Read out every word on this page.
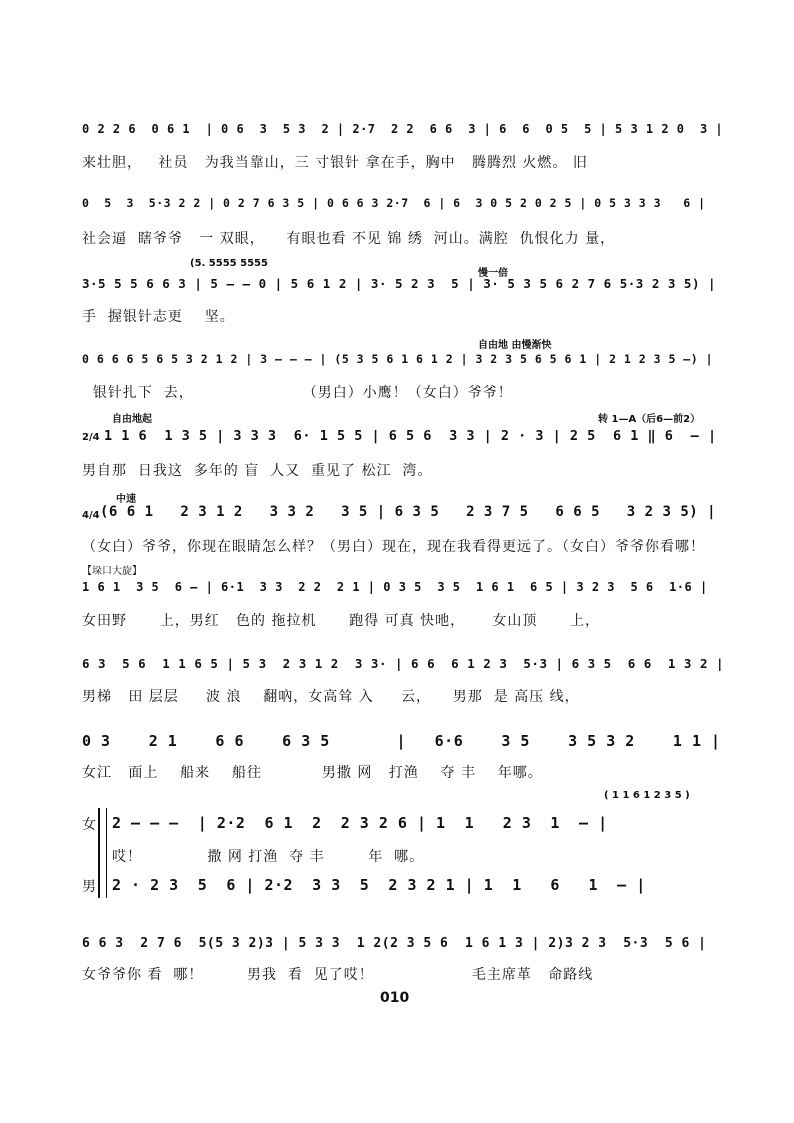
0 2 2 6  0 6 1  | 0 6  3  5 3  2 | 2·7  2 2  6 6  3 | 6  6  0 5  5 | 5 3 1 2 0  3 |
来壮胆，   社员   为我当靠山，三 寸银针 拿在手，胸中   腾腾烈 火燃。 旧
0  5  3  5·3 2 2 | 0 2 7 6 3 5 | 0 6 6 3 2·7  6 | 6  3 0 5 2 0 2 5 | 0 5 3 3 3   6 |
社会逼  瞎爷爷   一 双眼，    有眼也看 不见 锦 绣  河山。满腔  仇恨化力 量，
(5. 5555 5555
慢一倍
3·5 5 5 6 6 3 | 5 — — 0 | 5 6 1 2 | 3· 5 2 3  5 | 3· 5 3 5 6 2 7 6 5·3 2 3 5) |
手  握银针志更    坚。
自由地 由慢渐快
0 6 6 6 5 6 5 3 2 1 2 | 3 — — — | (5 3 5 6 1 6 1 2 | 3 2 3 5 6 5 6 1 | 2 1 2 3 5 —) |
银针扎下  去，                    （男白）小鹰！（女白）爷爷！
自由地起	转 1—A（后6—前2）
2/4 1 1 6  1 3 5 | 3 3 3  6· 1 5 5 | 6 5 6  3 3 | 2 · 3 | 2 5  6 1 ‖ 6  — |
男自那  日我这  多年的 盲  人又  重见了 松江  湾。
中速
4/4 (6 6 1   2 3 1 2   3 3 2   3 5 | 6 3 5   2 3 7 5   6 6 5   3 2 3 5) |
（女白）爷爷，你现在眼睛怎么样？（男白）现在，现在我看得更远了。（女白）爷爷你看哪！
【垛口大旋】
1 6 1  3 5  6 — | 6·1  3 3  2 2  2 1 | 0 3 5  3 5  1 6 1  6 5 | 3 2 3  5 6  1·6 |
女田野      上，男红   色的 拖拉机      跑得 可真 快吔，     女山顶      上，
6 3  5 6  1 1 6 5 | 5 3  2 3 1 2  3 3· | 6 6  6 1 2 3  5·3 | 6 3 5  6 6  1 3 2 |
男梯   田 层层     波 浪    翻吶，女高耸 入     云，    男那  是 高压 线，
0 3    2 1    6 6    6 3 5       |   6·6    3 5    3 5 3 2    1 1 |
女江   面上    船来    船往           男撒 网   打渔    夺 丰    年哪。
( 1 1 6 1 2 3 5 )
女 2 — — —  | 2·2  6 1  2  2 3 2 6 | 1  1   2 3  1  — |
哎！            撒 网 打渔  夺 丰        年  哪。
男 2 · 2 3  5  6 | 2·2  3 3  5  2 3 2 1 | 1  1   6   1  — |
6 6 3  2 7 6  5(5 3 2)3 | 5 3 3  1 2(2 3 5 6  1 6 1 3 | 2)3 2 3  5·3  5 6 |
女爷爷你 看  哪！        男我  看  见了哎！                  毛主席革   命路线
010
